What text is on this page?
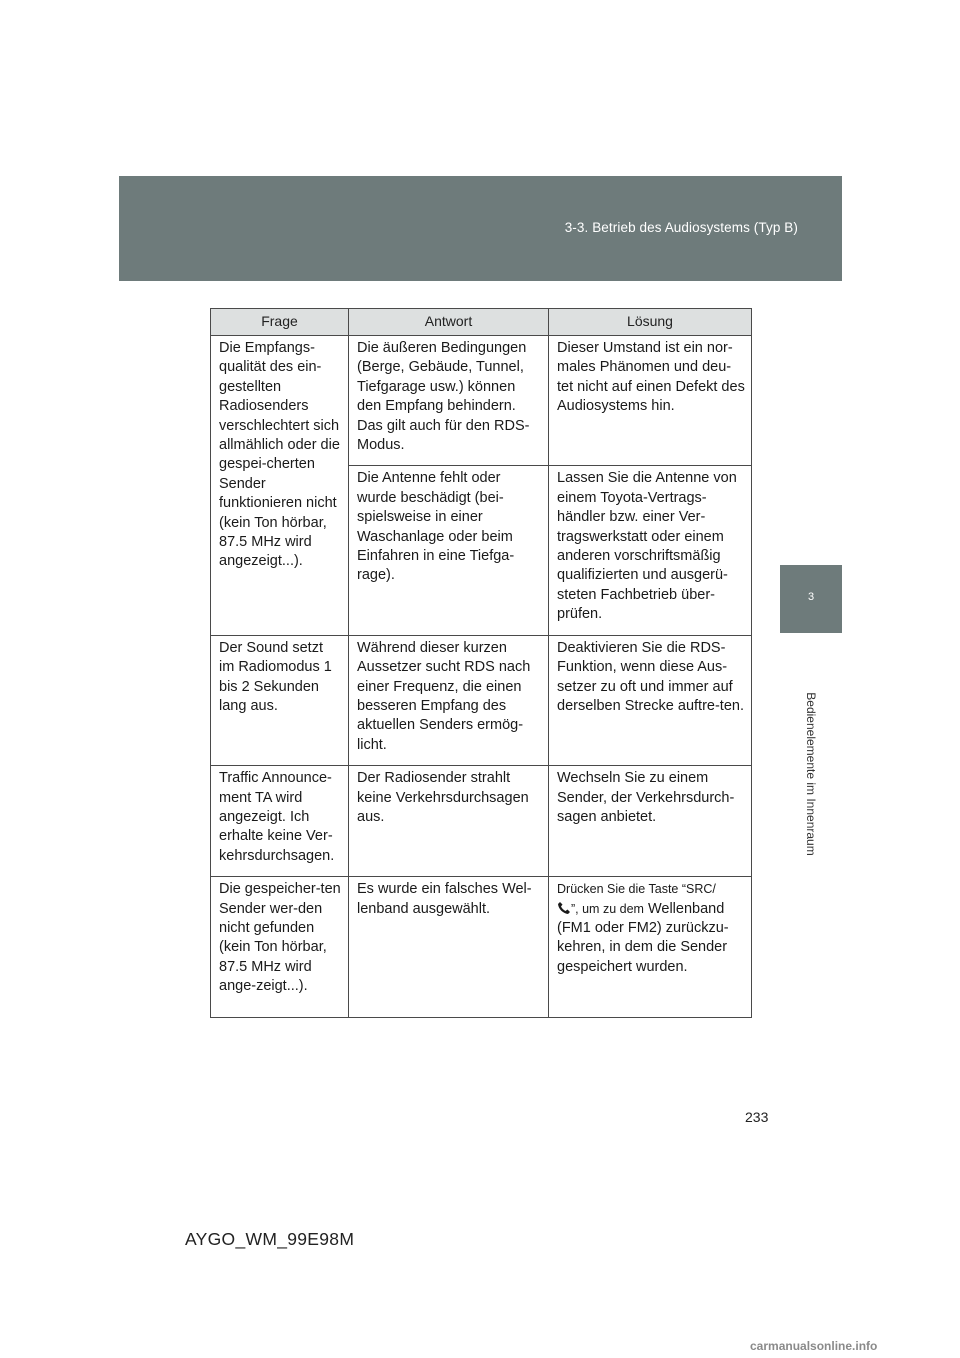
3-3. Betrieb des Audiosystems (Typ B)
3
Bedienelemente im Innenraum
Frage	Antwort	Lösung
Die Empfangs-qualität des ein-gestellten Radiosenders verschlechtert sich allmählich oder die gespei-cherten Sender funktionieren nicht (kein Ton hörbar, 87.5 MHz wird angezeigt...).	Die äußeren Bedingungen (Berge, Gebäude, Tunnel, Tiefgarage usw.) können den Empfang behindern. Das gilt auch für den RDS-Modus.	Dieser Umstand ist ein nor-males Phänomen und deu-tet nicht auf einen Defekt des Audiosystems hin.
	Die Antenne fehlt oder wurde beschädigt (bei-spielsweise in einer Waschanlage oder beim Einfahren in eine Tiefga-rage).	Lassen Sie die Antenne von einem Toyota-Vertrags-händler bzw. einer Ver-tragswerkstatt oder einem anderen vorschriftsmäßig qualifizierten und ausgerü-steten Fachbetrieb über-prüfen.
Der Sound setzt im Radiomodus 1 bis 2 Sekunden lang aus.	Während dieser kurzen Aussetzer sucht RDS nach einer Frequenz, die einen besseren Empfang des aktuellen Senders ermög-licht.	Deaktivieren Sie die RDS-Funktion, wenn diese Aus-setzer zu oft und immer auf derselben Strecke auftre-ten.
Traffic Announce-ment TA wird angezeigt. Ich erhalte keine Ver-kehrsdurchsagen.	Der Radiosender strahlt keine Verkehrsdurchsagen aus.	Wechseln Sie zu einem Sender, der Verkehrsdurch-sagen anbietet.
Die gespeicher-ten Sender wer-den nicht gefunden (kein Ton hörbar, 87.5 MHz wird ange-zeigt...).	Es wurde ein falsches Wel-lenband ausgewählt.	Drücken Sie die Taste “SRC/
”, um zu dem Wellenband (FM1 oder FM2) zurückzu-kehren, in dem die Sender gespeichert wurden.
233
AYGO_WM_99E98M
carmanualsonline.info
